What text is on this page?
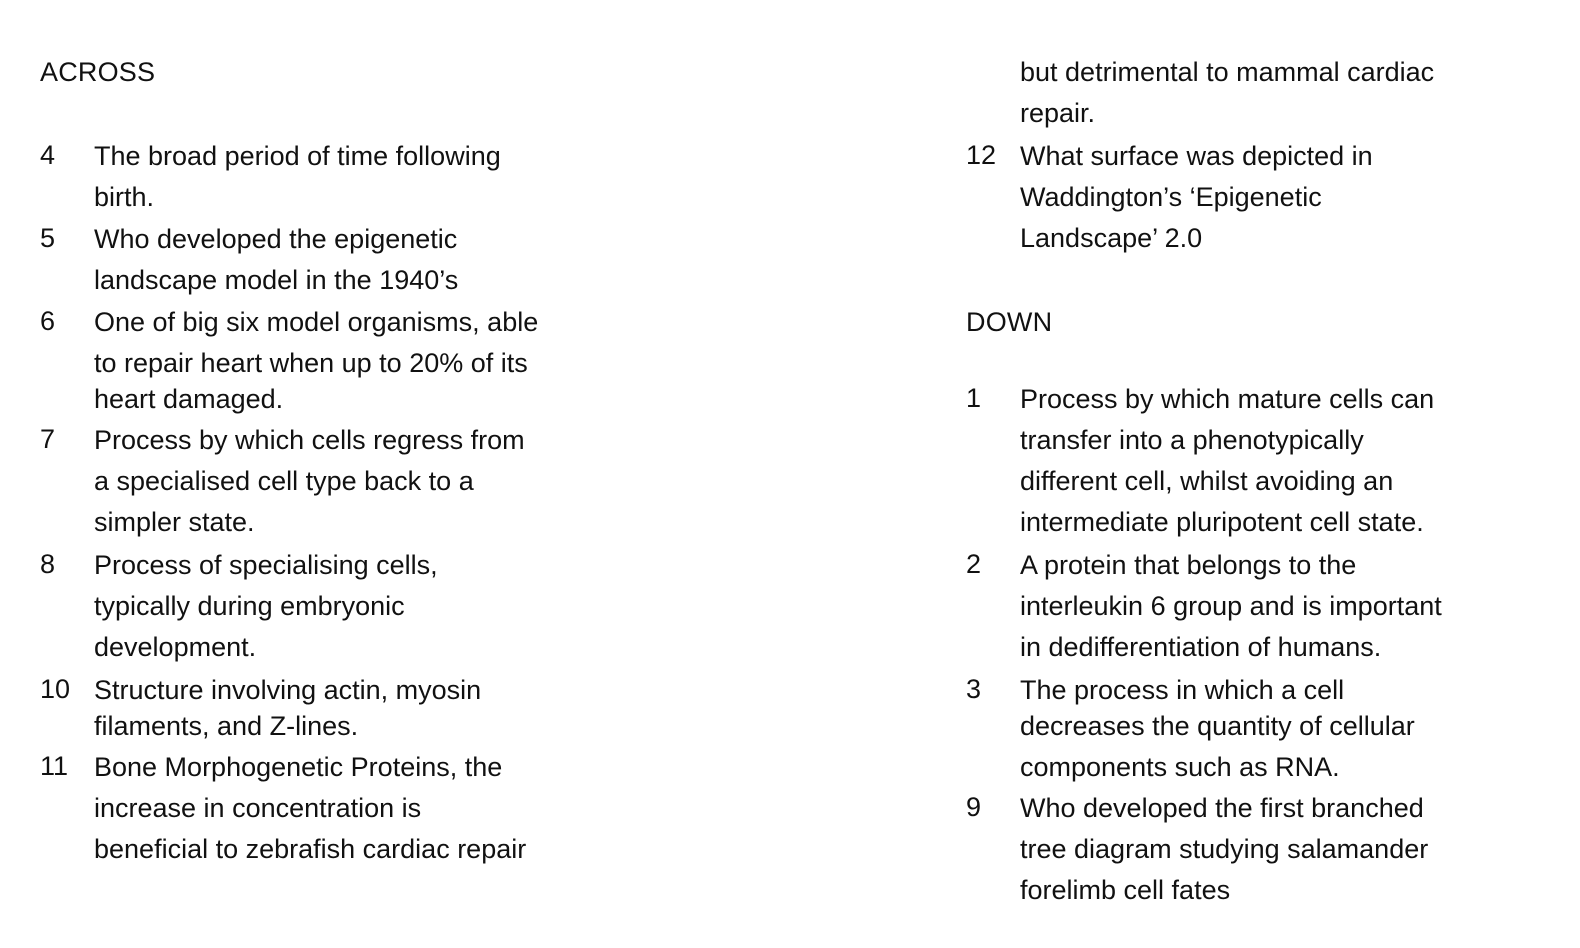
ACROSS
4	The broad period of time following
birth.
5	Who developed the epigenetic
landscape model in the 1940’s
6	One of big six model organisms, able
to repair heart when up to 20% of its
heart damaged.
7	Process by which cells regress from
a specialised cell type back to a
simpler state.
8	Process of specialising cells,
typically during embryonic
development.
10 Structure involving actin, myosin
filaments, and Z-lines.
11 Bone Morphogenetic Proteins, the
increase in concentration is
beneficial to zebrafish cardiac repair
but detrimental to mammal cardiac
repair.
12 What surface was depicted in
Waddington’s ‘Epigenetic
Landscape’ 2.0
DOWN
1	Process by which mature cells can
transfer into a phenotypically
different cell, whilst avoiding an
intermediate pluripotent cell state.
2	A protein that belongs to the
interleukin 6 group and is important
in dedifferentiation of humans.
3	The process in which a cell
decreases the quantity of cellular
components such as RNA.
9	Who developed the first branched
tree diagram studying salamander
forelimb cell fates
